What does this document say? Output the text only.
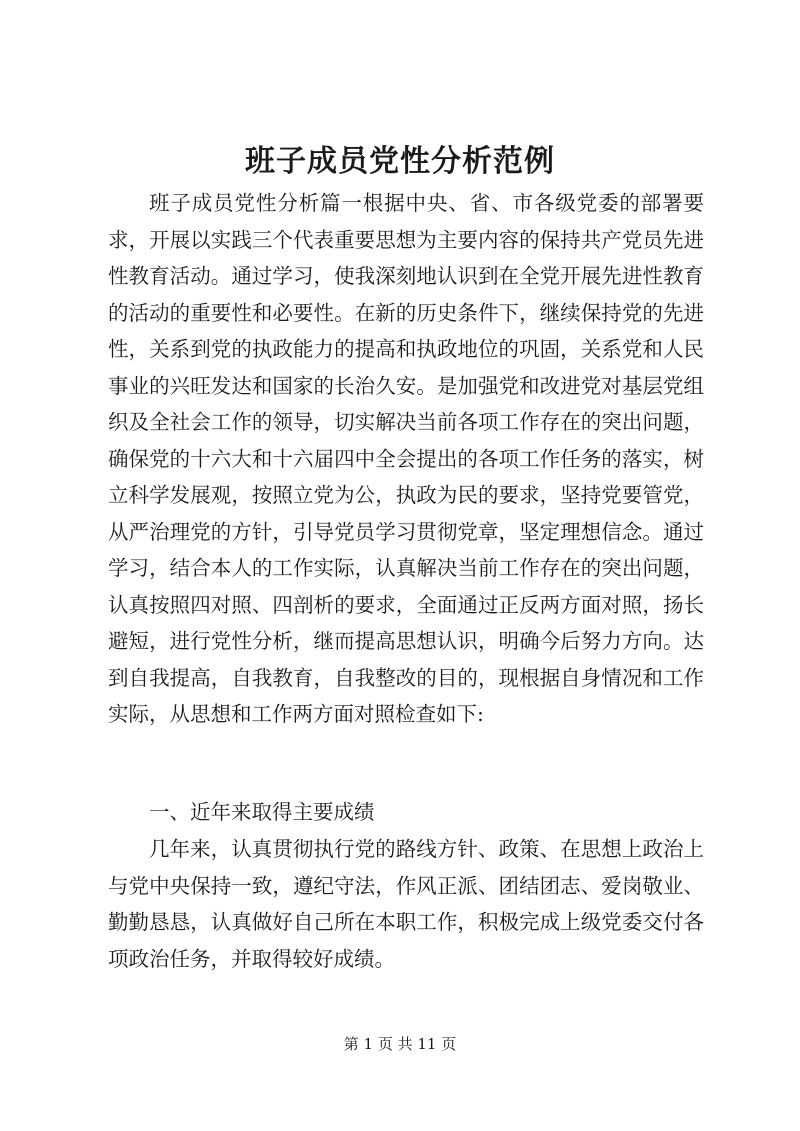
班子成员党性分析范例

班子成员党性分析篇一根据中央、省、市各级党委的部署要求，开展以实践三个代表重要思想为主要内容的保持共产党员先进性教育活动。通过学习，使我深刻地认识到在全党开展先进性教育的活动的重要性和必要性。在新的历史条件下，继续保持党的先进性，关系到党的执政能力的提高和执政地位的巩固，关系党和人民事业的兴旺发达和国家的长治久安。是加强党和改进党对基层党组织及全社会工作的领导，切实解决当前各项工作存在的突出问题，确保党的十六大和十六届四中全会提出的各项工作任务的落实，树立科学发展观，按照立党为公，执政为民的要求，坚持党要管党，从严治理党的方针，引导党员学习贯彻党章，坚定理想信念。通过学习，结合本人的工作实际，认真解决当前工作存在的突出问题，认真按照四对照、四剖析的要求，全面通过正反两方面对照，扬长避短，进行党性分析，继而提高思想认识，明确今后努力方向。达到自我提高，自我教育，自我整改的目的，现根据自身情况和工作实际，从思想和工作两方面对照检查如下:

一、近年来取得主要成绩

几年来，认真贯彻执行党的路线方针、政策、在思想上政治上与党中央保持一致，遵纪守法，作风正派、团结团志、爱岗敬业、勤勤恳恳，认真做好自己所在本职工作，积极完成上级党委交付各项政治任务，并取得较好成绩。

第 1 页 共 11 页
